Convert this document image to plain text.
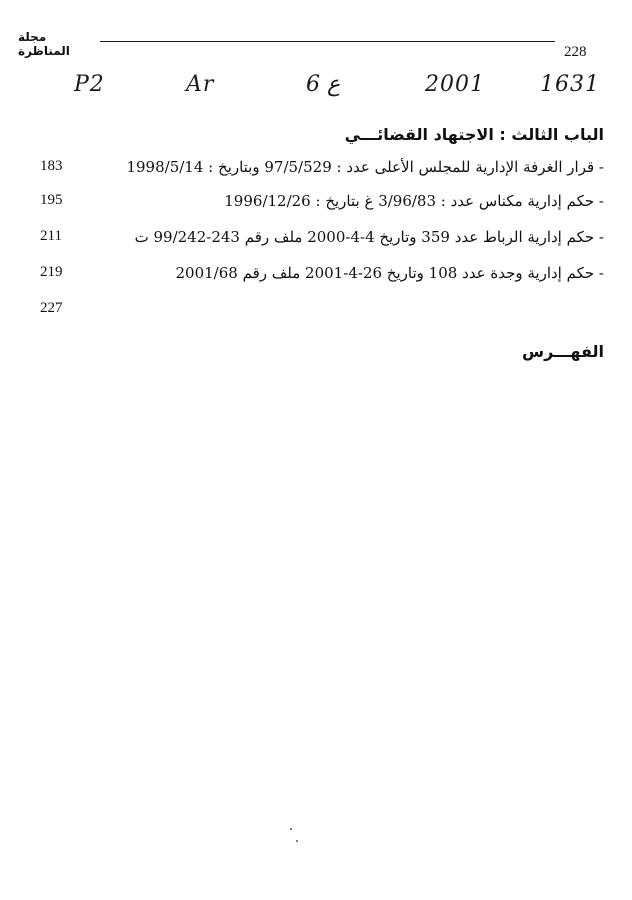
مجلة المناظرة	228
P2	Ar	6 ع	2001	1631
الباب الثالث : الاجتهاد القضائـــي
183	- قرار الغرفة الإدارية للمجلس الأعلى عدد : 97/5/529 وبتاريخ : 1998/5/14
195	- حكم إدارية مكناس عدد : 3/96/83 غ بتاريخ : 1996/12/26
211	- حكم إدارية الرباط عدد 359 وتاريخ 4-4-2000 ملف رقم 243-99/242 ت
219	- حكم إدارية وجدة عدد 108 وتاريخ 26-4-2001 ملف رقم 2001/68
227
الفهـــرس
